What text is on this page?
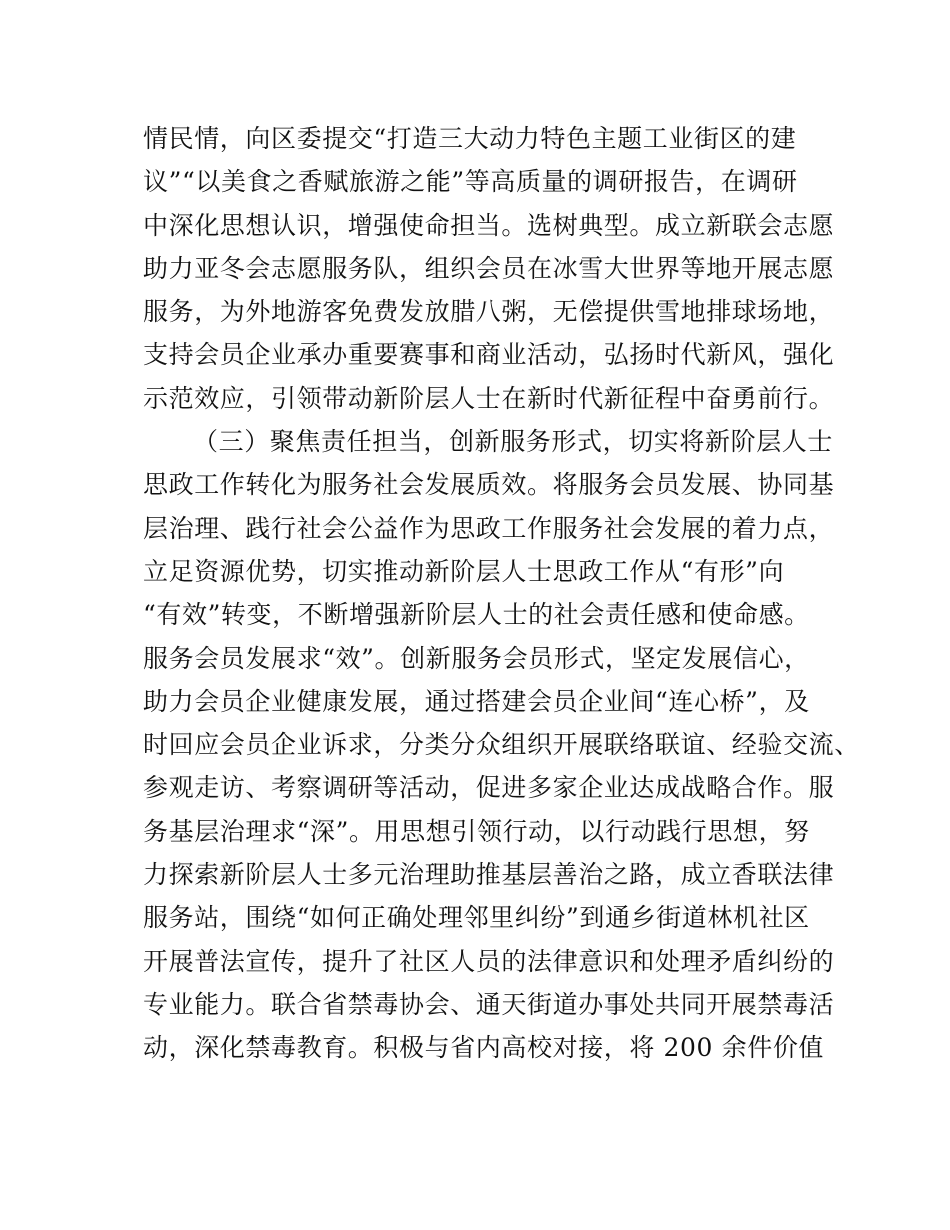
情民情，向区委提交“打造三大动力特色主题工业街区的建
议”“以美食之香赋旅游之能”等高质量的调研报告，在调研
中深化思想认识，增强使命担当。选树典型。成立新联会志愿
助力亚冬会志愿服务队，组织会员在冰雪大世界等地开展志愿
服务，为外地游客免费发放腊八粥，无偿提供雪地排球场地，
支持会员企业承办重要赛事和商业活动，弘扬时代新风，强化
示范效应，引领带动新阶层人士在新时代新征程中奋勇前行。
（三）聚焦责任担当，创新服务形式，切实将新阶层人士
思政工作转化为服务社会发展质效。将服务会员发展、协同基
层治理、践行社会公益作为思政工作服务社会发展的着力点，
立足资源优势，切实推动新阶层人士思政工作从“有形”向
“有效”转变，不断增强新阶层人士的社会责任感和使命感。
服务会员发展求“效”。创新服务会员形式，坚定发展信心，
助力会员企业健康发展，通过搭建会员企业间“连心桥”，及
时回应会员企业诉求，分类分众组织开展联络联谊、经验交流、
参观走访、考察调研等活动，促进多家企业达成战略合作。服
务基层治理求“深”。用思想引领行动，以行动践行思想，努
力探索新阶层人士多元治理助推基层善治之路，成立香联法律
服务站，围绕“如何正确处理邻里纠纷”到通乡街道林机社区
开展普法宣传，提升了社区人员的法律意识和处理矛盾纠纷的
专业能力。联合省禁毒协会、通天街道办事处共同开展禁毒活
动，深化禁毒教育。积极与省内高校对接，将 200 余件价值
